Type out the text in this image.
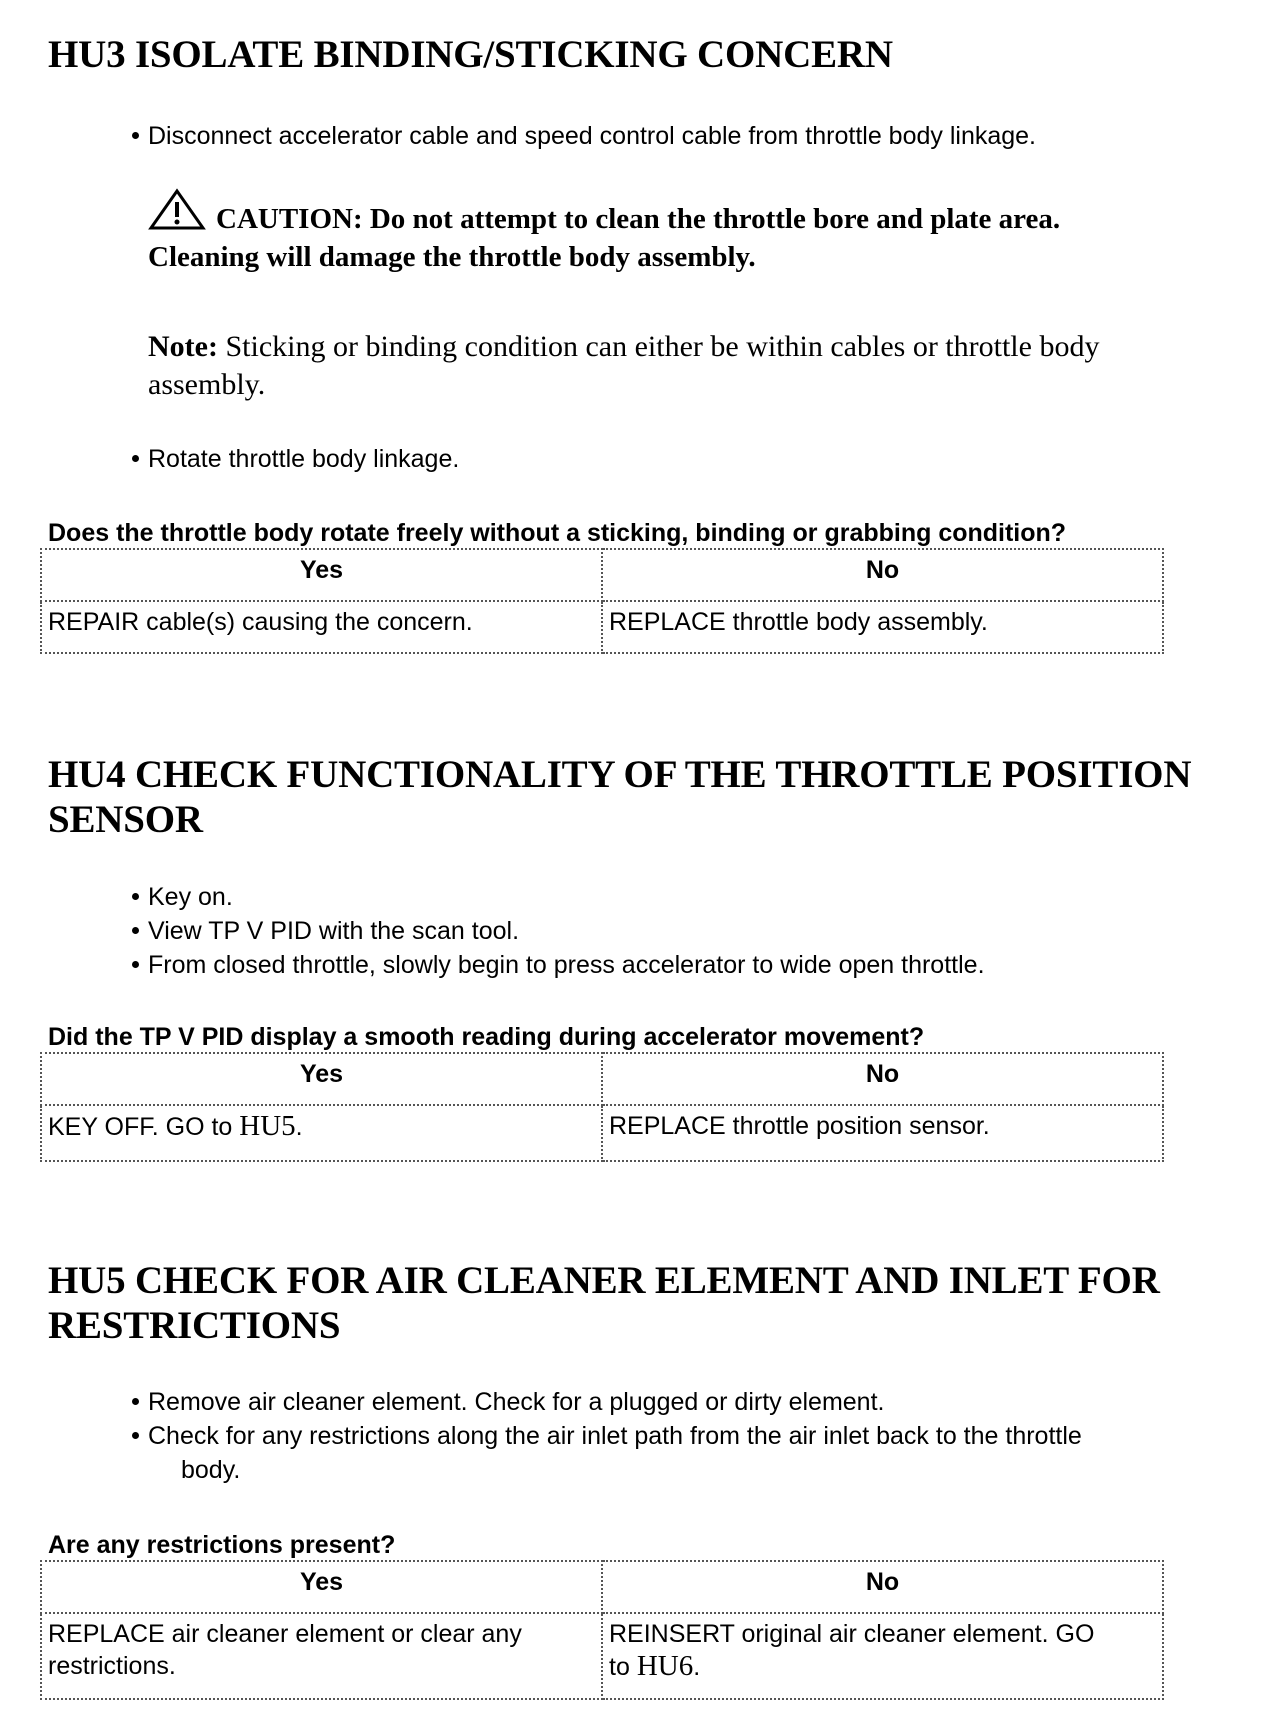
HU3 ISOLATE BINDING/STICKING CONCERN
Disconnect accelerator cable and speed control cable from throttle body linkage.
CAUTION: Do not attempt to clean the throttle bore and plate area.
Cleaning will damage the throttle body assembly.
Note: Sticking or binding condition can either be within cables or throttle body
assembly.
Rotate throttle body linkage.

Does the throttle body rotate freely without a sticking, binding or grabbing condition?

Yes	No
REPAIR cable(s) causing the concern.	REPLACE throttle body assembly.
HU4 CHECK FUNCTIONALITY OF THE THROTTLE POSITION
SENSOR
Key on.
View TP V PID with the scan tool.
From closed throttle, slowly begin to press accelerator to wide open throttle.

Did the TP V PID display a smooth reading during accelerator movement?

Yes	No
KEY OFF. GO to HU5.	REPLACE throttle position sensor.
HU5 CHECK FOR AIR CLEANER ELEMENT AND INLET FOR
RESTRICTIONS
Remove air cleaner element. Check for a plugged or dirty element.
Check for any restrictions along the air inlet path from the air inlet back to the throttle
body.

Are any restrictions present?

Yes	No
REPLACE air cleaner element or clear any
restrictions.	REINSERT original air cleaner element. GO
to HU6.
